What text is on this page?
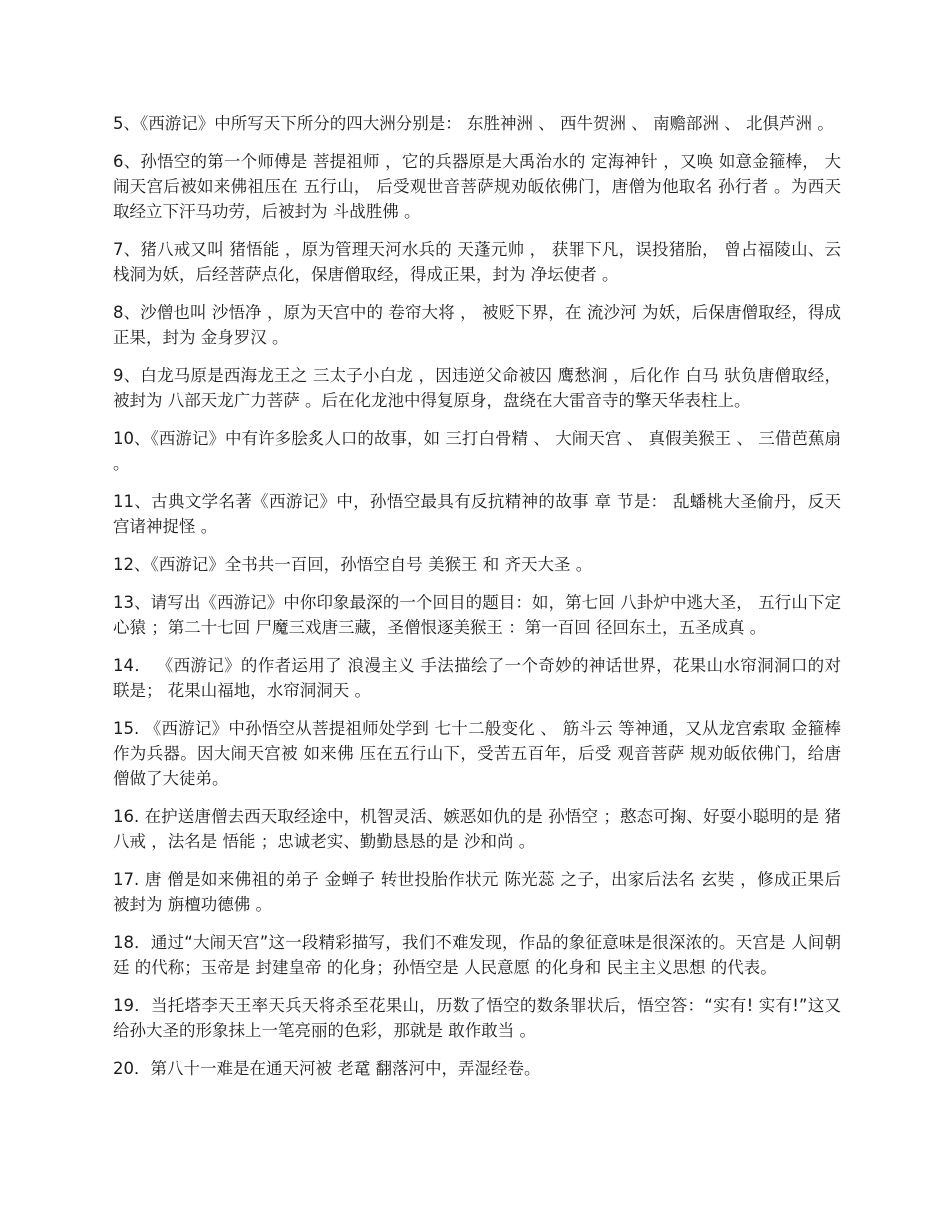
5、《西游记》中所写天下所分的四大洲分别是： 东胜神洲 、 西牛贺洲 、 南赡部洲 、 北俱芦洲 。

6、孙悟空的第一个师傅是 菩提祖师 ，它的兵器原是大禹治水的 定海神针 ，又唤 如意金箍棒， 大闹天宫后被如来佛祖压在 五行山， 后受观世音菩萨规劝皈依佛门，唐僧为他取名 孙行者 。为西天取经立下汗马功劳，后被封为 斗战胜佛 。

7、猪八戒又叫 猪悟能 ，原为管理天河水兵的 天蓬元帅 ， 获罪下凡，误投猪胎， 曾占福陵山、云栈洞为妖，后经菩萨点化，保唐僧取经，得成正果，封为 净坛使者 。

8、沙僧也叫 沙悟净 ，原为天宫中的 卷帘大将 ， 被贬下界，在 流沙河 为妖，后保唐僧取经，得成正果，封为 金身罗汉 。

9、白龙马原是西海龙王之 三太子小白龙 ，因违逆父命被囚 鹰愁涧 ，后化作 白马 驮负唐僧取经，被封为 八部天龙广力菩萨 。后在化龙池中得复原身，盘绕在大雷音寺的擎天华表柱上。

10、《西游记》中有许多脍炙人口的故事，如 三打白骨精 、 大闹天宫 、 真假美猴王 、 三借芭蕉扇 。

11、古典文学名著《西游记》中，孙悟空最具有反抗精神的故事 章 节是： 乱蟠桃大圣偷丹，反天宫诸神捉怪 。

12、《西游记》全书共一百回，孙悟空自号 美猴王 和 齐天大圣 。

13、请写出《西游记》中你印象最深的一个回目的题目：如，第七回 八卦炉中逃大圣， 五行山下定心猿 ；第二十七回 尸魔三戏唐三藏，圣僧恨逐美猴王 ：第一百回 径回东土，五圣成真 。

14． 《西游记》的作者运用了 浪漫主义 手法描绘了一个奇妙的神话世界，花果山水帘洞洞口的对联是； 花果山福地，水帘洞洞天 。

15. 《西游记》中孙悟空从菩提祖师处学到 七十二般变化 、 筋斗云 等神通，又从龙宫索取 金箍棒 作为兵器。因大闹天宫被 如来佛 压在五行山下，受苦五百年，后受 观音菩萨 规劝皈依佛门，给唐僧做了大徒弟。

16. 在护送唐僧去西天取经途中，机智灵活、嫉恶如仇的是 孙悟空 ；憨态可掬、好耍小聪明的是 猪八戒 ，法名是 悟能 ；忠诚老实、勤勤恳恳的是 沙和尚 。

17. 唐 僧是如来佛祖的弟子 金蝉子 转世投胎作状元 陈光蕊 之子，出家后法名 玄奘 ，修成正果后被封为 旃檀功德佛 。

18．通过“大闹天宫”这一段精彩描写，我们不难发现，作品的象征意味是很深浓的。天宫是 人间朝廷 的代称；玉帝是 封建皇帝 的化身；孙悟空是 人民意愿 的化身和 民主主义思想 的代表。

19．当托塔李天王率天兵天将杀至花果山，历数了悟空的数条罪状后，悟空答：“实有! 实有!”这又给孙大圣的形象抹上一笔亮丽的色彩，那就是 敢作敢当 。

20．第八十一难是在通天河被 老鼋 翻落河中，弄湿经卷。
